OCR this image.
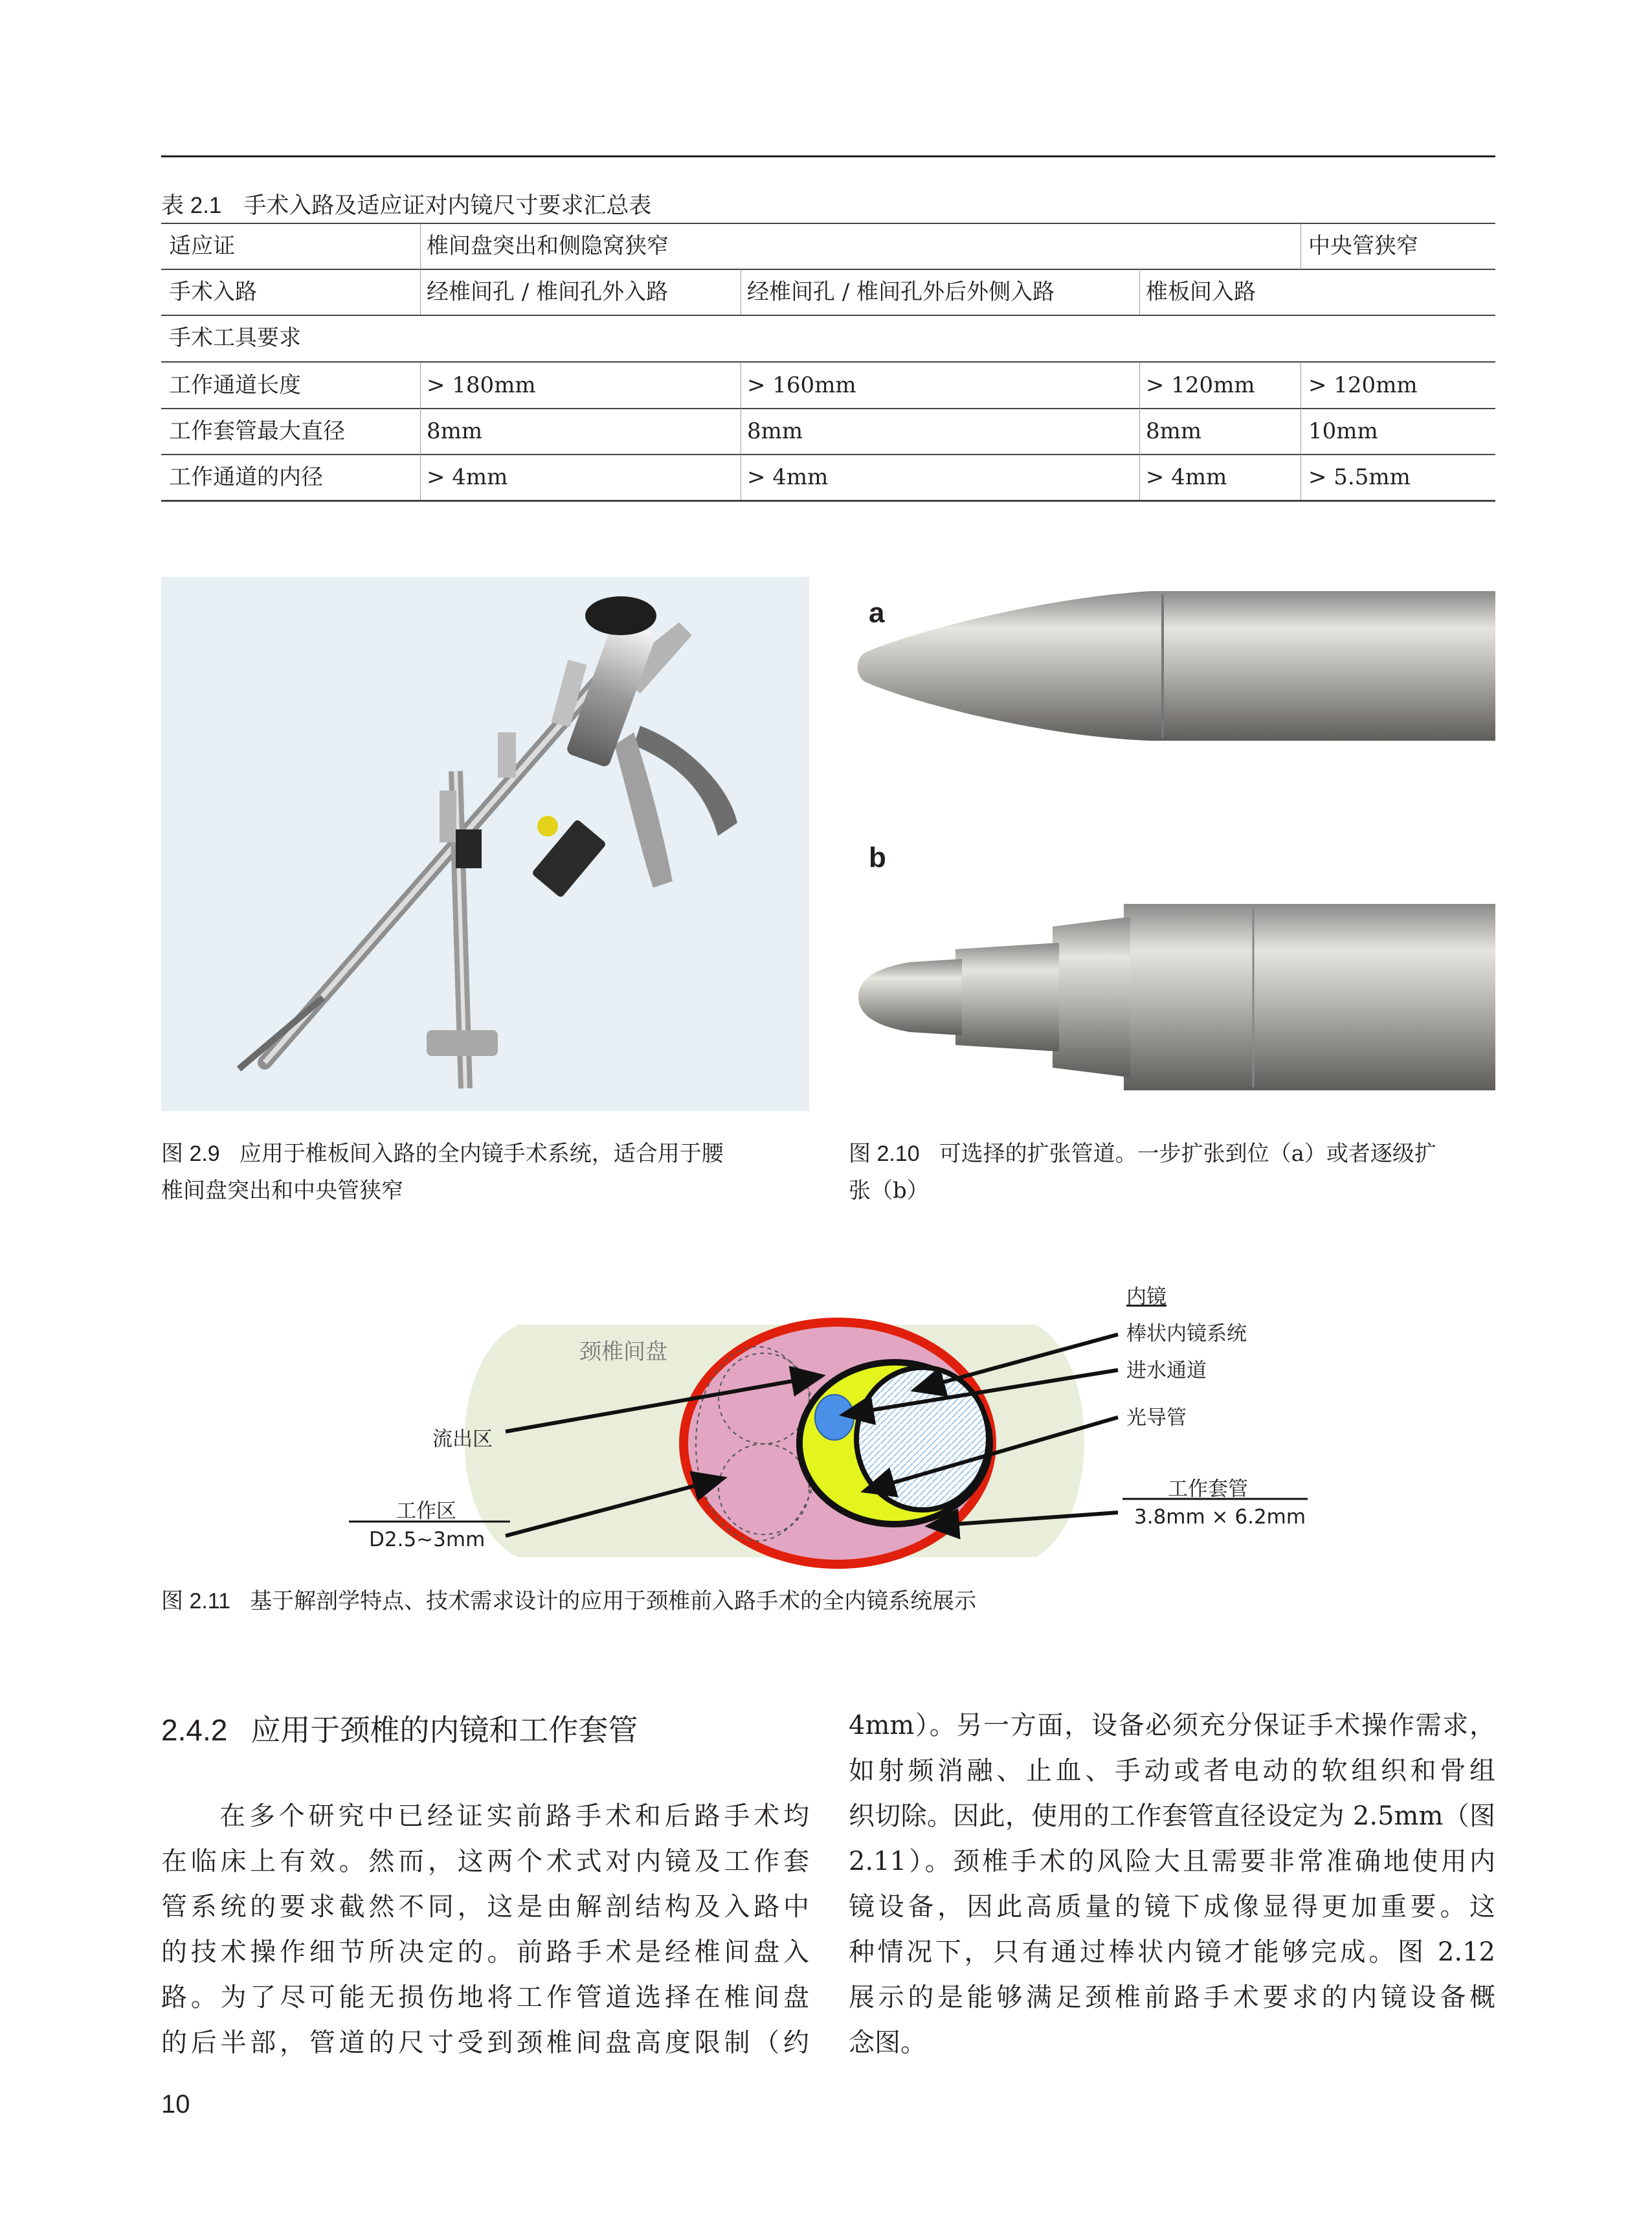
表 2.1 手术入路及适应证对内镜尺寸要求汇总表
适应证	椎间盘突出和侧隐窝狭窄	中央管狭窄
手术入路	经椎间孔 / 椎间孔外入路	经椎间孔 / 椎间孔外后外侧入路	椎板间入路
手术工具要求
工作通道长度	> 180mm	> 160mm	> 120mm > 120mm
工作套管最大直径	8mm	8mm	8mm	10mm
工作通道的内径	> 4mm	> 4mm	> 4mm	> 5.5mm
a
b
图 2.9 应用于椎板间入路的全内镜手术系统，适合用于腰
椎间盘突出和中央管狭窄
图 2.10 可选择的扩张管道。一步扩张到位（a）或者逐级扩
张（b）
颈椎间盘
流出区
工作区
D2.5~3mm
内镜
棒状内镜系统
进水通道
光导管
工作套管
3.8mm × 6.2mm
图 2.11 基于解剖学特点、技术需求设计的应用于颈椎前入路手术的全内镜系统展示
2.4.2 应用于颈椎的内镜和工作套管
在多个研究中已经证实前路手术和后路手术均
在临床上有效。然而，这两个术式对内镜及工作套
管系统的要求截然不同，这是由解剖结构及入路中
的技术操作细节所决定的。前路手术是经椎间盘入
路。为了尽可能无损伤地将工作管道选择在椎间盘
的后半部，管道的尺寸受到颈椎间盘高度限制（约
4mm）。另一方面，设备必须充分保证手术操作需求，
如射频消融、止血、手动或者电动的软组织和骨组
织切除。因此，使用的工作套管直径设定为 2.5mm（图
2.11）。颈椎手术的风险大且需要非常准确地使用内
镜设备，因此高质量的镜下成像显得更加重要。这
种情况下，只有通过棒状内镜才能够完成。图 2.12
展示的是能够满足颈椎前路手术要求的内镜设备概
念图。
10
